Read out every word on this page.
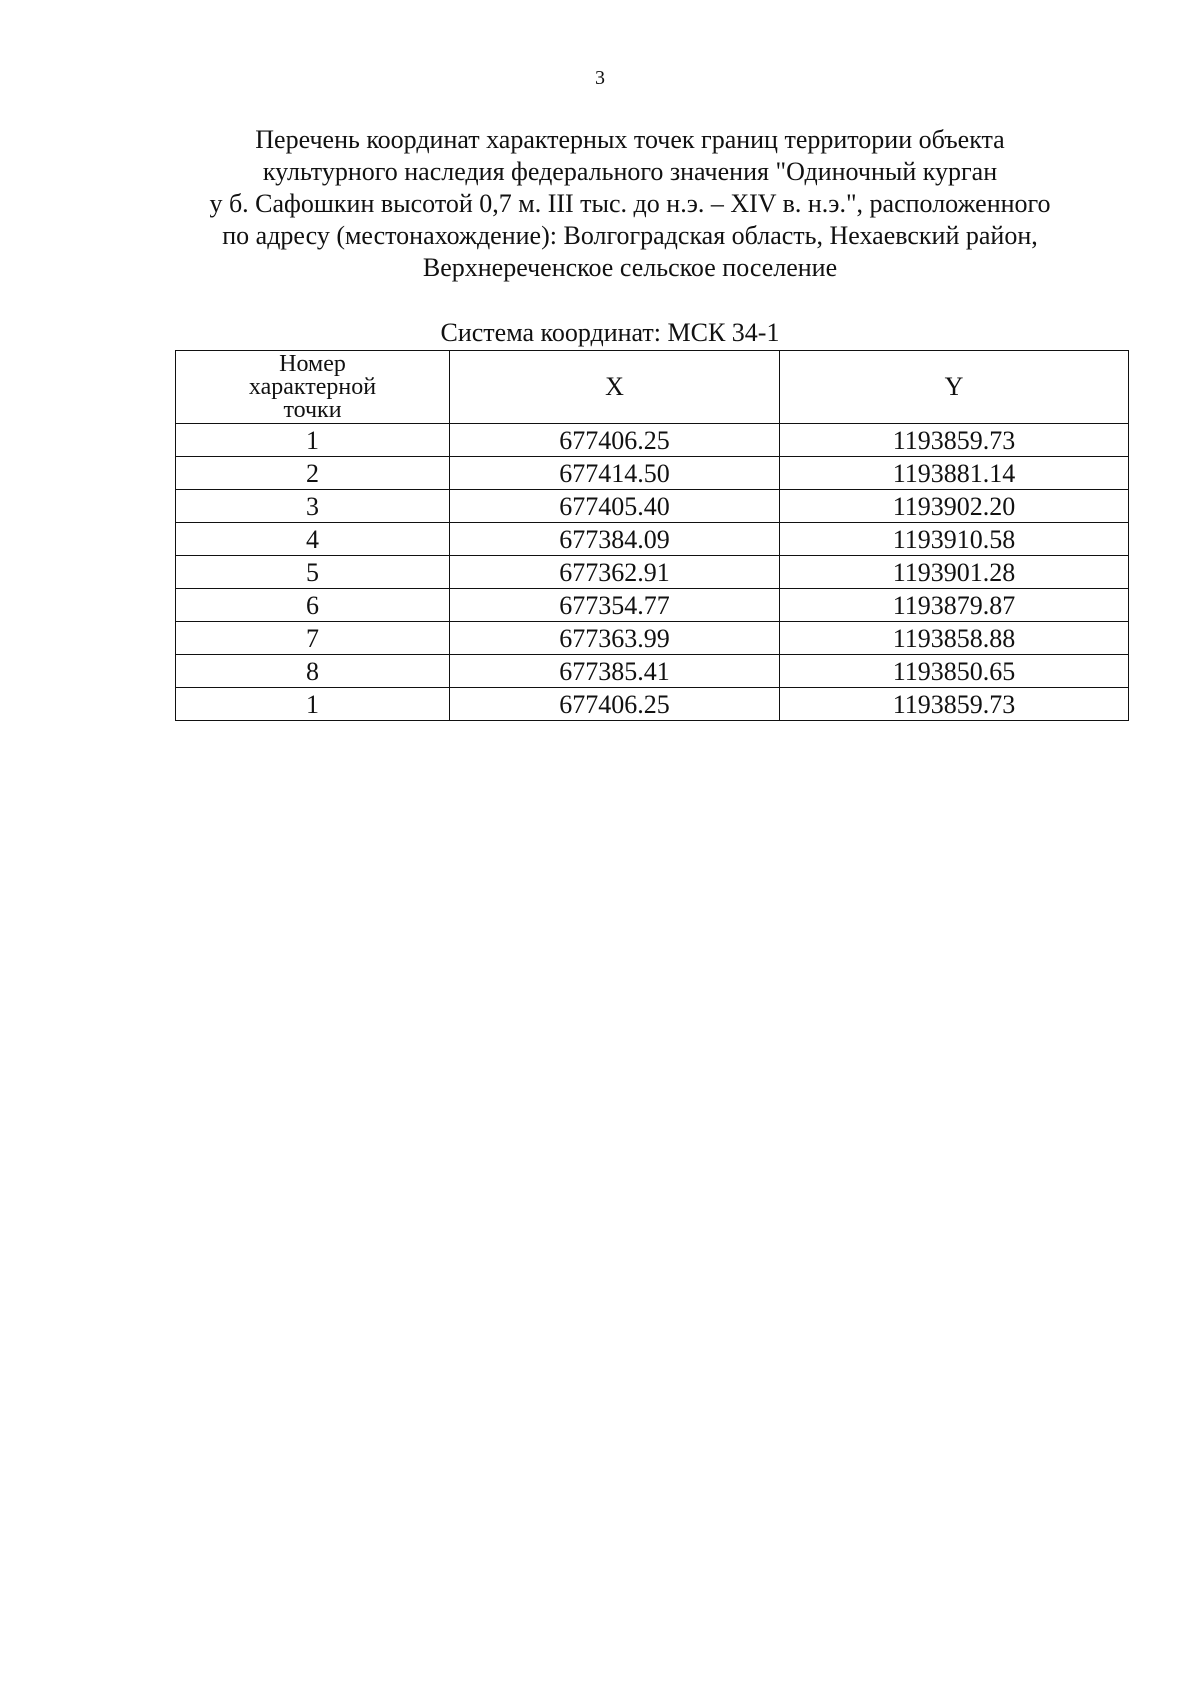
3
Перечень координат характерных точек границ территории объекта
культурного наследия федерального значения "Одиночный курган
у б. Сафошкин высотой 0,7 м. III тыс. до н.э. – XIV в. н.э.", расположенного
по адресу (местонахождение): Волгоградская область, Нехаевский район,
Верхнереченское сельское поселение
Система координат: МСК 34-1
Номер
характерной
точки	X	Y
1	677406.25	1193859.73
2	677414.50	1193881.14
3	677405.40	1193902.20
4	677384.09	1193910.58
5	677362.91	1193901.28
6	677354.77	1193879.87
7	677363.99	1193858.88
8	677385.41	1193850.65
1	677406.25	1193859.73
